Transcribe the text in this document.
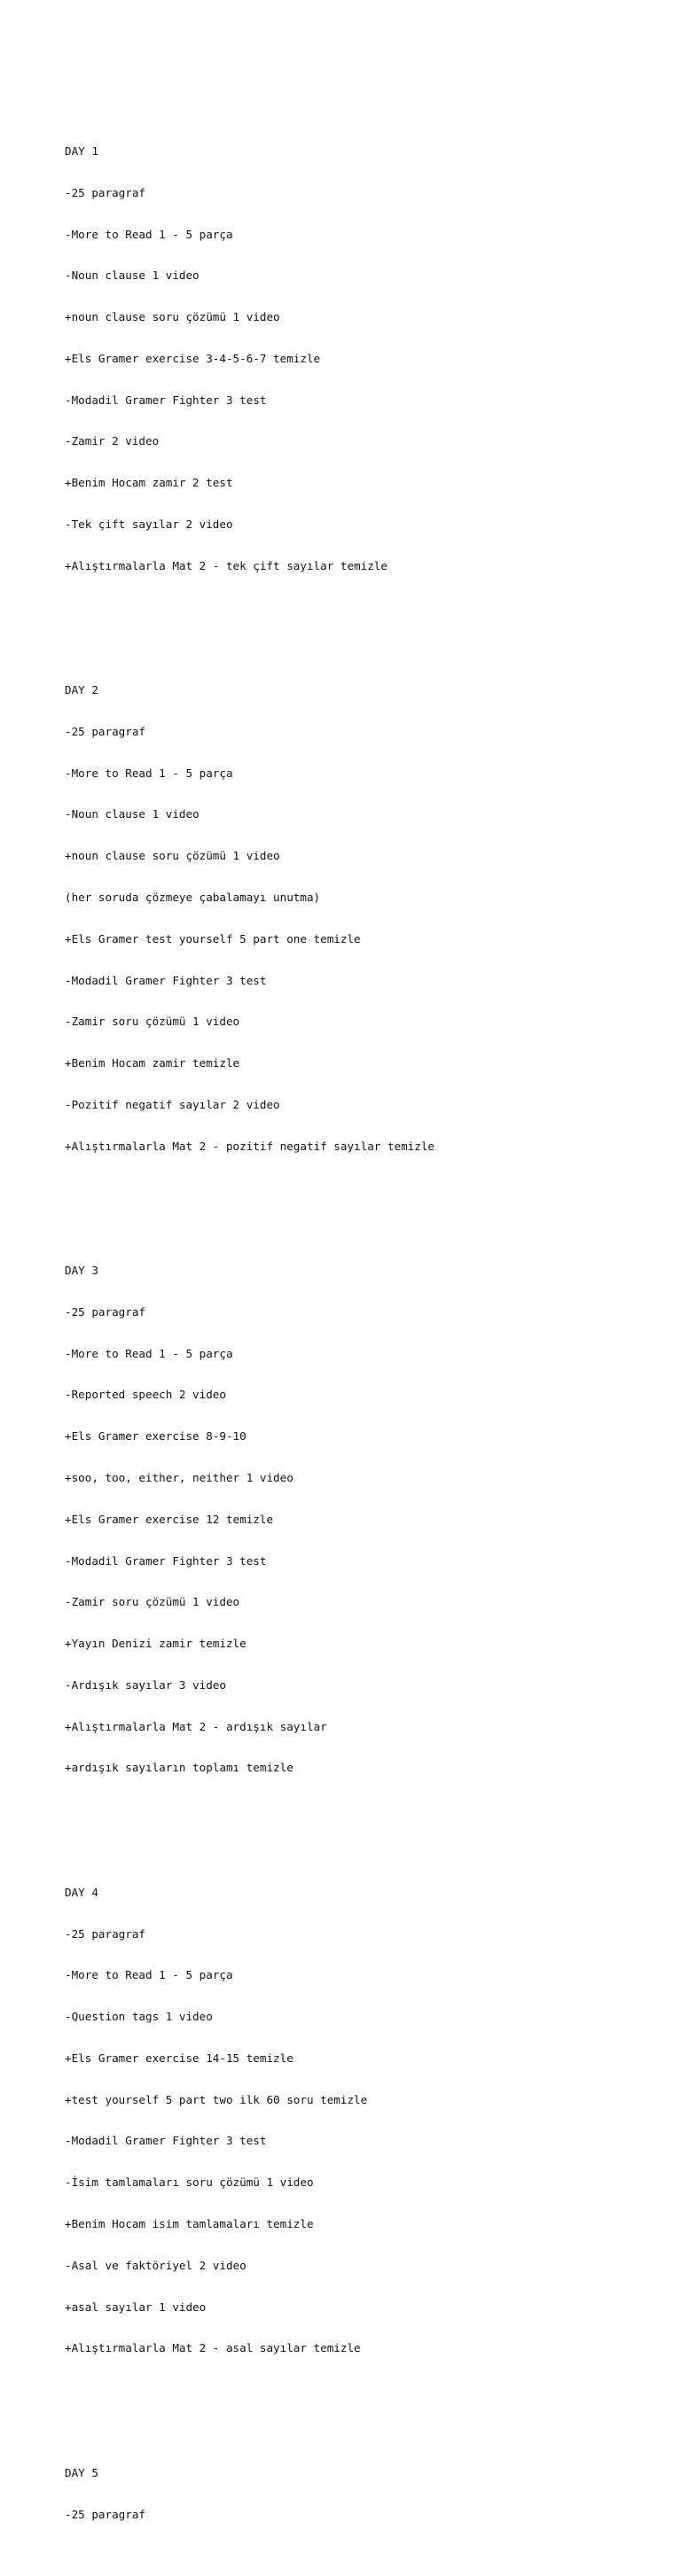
DAY 1

-25 paragraf

-More to Read 1 - 5 parça

-Noun clause 1 video

+noun clause soru çözümü 1 video

+Els Gramer exercise 3-4-5-6-7 temizle

-Modadil Gramer Fighter 3 test

-Zamir 2 video

+Benim Hocam zamir 2 test

-Tek çift sayılar 2 video

+Alıştırmalarla Mat 2 - tek çift sayılar temizle

DAY 2

-25 paragraf

-More to Read 1 - 5 parça

-Noun clause 1 video

+noun clause soru çözümü 1 video

(her soruda çözmeye çabalamayı unutma)

+Els Gramer test yourself 5 part one temizle

-Modadil Gramer Fighter 3 test

-Zamir soru çözümü 1 video

+Benim Hocam zamir temizle

-Pozitif negatif sayılar 2 video

+Alıştırmalarla Mat 2 - pozitif negatif sayılar temizle

DAY 3

-25 paragraf

-More to Read 1 - 5 parça

-Reported speech 2 video

+Els Gramer exercise 8-9-10

+soo, too, either, neither 1 video

+Els Gramer exercise 12 temizle

-Modadil Gramer Fighter 3 test

-Zamir soru çözümü 1 video

+Yayın Denizi zamir temizle

-Ardışık sayılar 3 video

+Alıştırmalarla Mat 2 - ardışık sayılar

+ardışık sayıların toplamı temizle

DAY 4

-25 paragraf

-More to Read 1 - 5 parça

-Question tags 1 video

+Els Gramer exercise 14-15 temizle

+test yourself 5 part two ilk 60 soru temizle

-Modadil Gramer Fighter 3 test

-İsim tamlamaları soru çözümü 1 video

+Benim Hocam isim tamlamaları temizle

-Asal ve faktöriyel 2 video

+asal sayılar 1 video

+Alıştırmalarla Mat 2 - asal sayılar temizle

DAY 5

-25 paragraf
